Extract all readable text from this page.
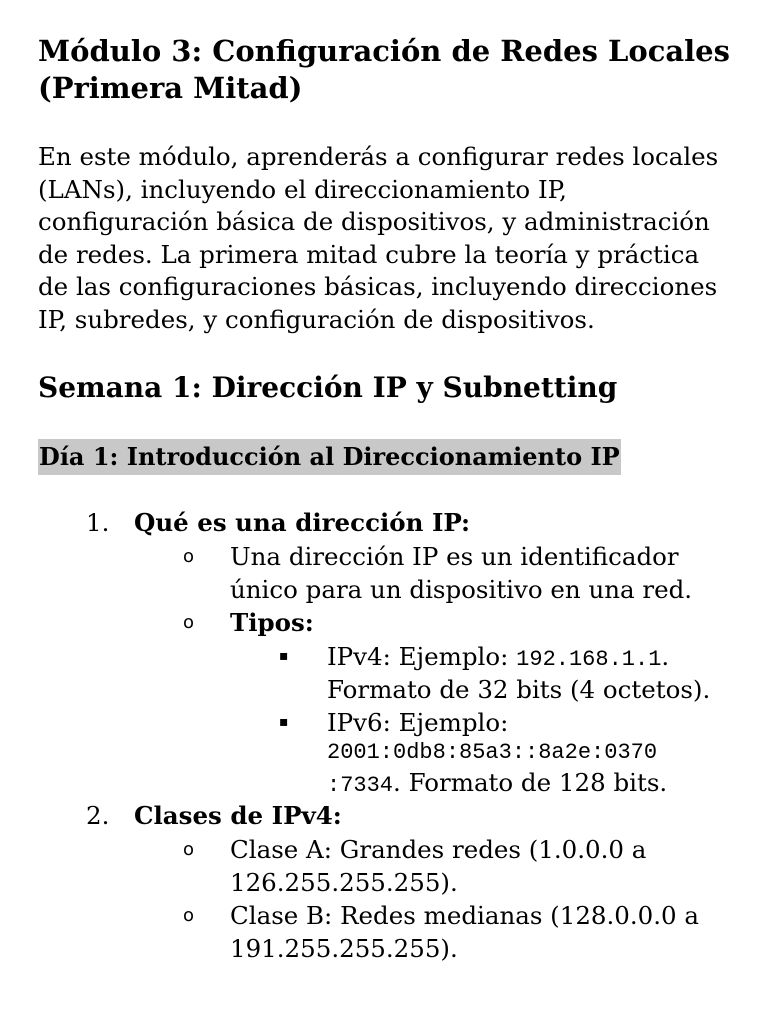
Módulo 3: Configuración de Redes Locales
(Primera Mitad)

En este módulo, aprenderás a configurar redes locales
(LANs), incluyendo el direccionamiento IP,
configuración básica de dispositivos, y administración
de redes. La primera mitad cubre la teoría y práctica
de las configuraciones básicas, incluyendo direcciones
IP, subredes, y configuración de dispositivos.

Semana 1: Dirección IP y Subnetting
Día 1: Introducción al Direccionamiento IP
1. Qué es una dirección IP:
o Una dirección IP es un identificador
único para un dispositivo en una red.
o Tipos:
▪ IPv4: Ejemplo: 192.168.1.1.
Formato de 32 bits (4 octetos).
▪ IPv6: Ejemplo:
2001:0db8:85a3::8a2e:0370
:7334. Formato de 128 bits.
2. Clases de IPv4:
o Clase A: Grandes redes (1.0.0.0 a
126.255.255.255).
o Clase B: Redes medianas (128.0.0.0 a
191.255.255.255).
